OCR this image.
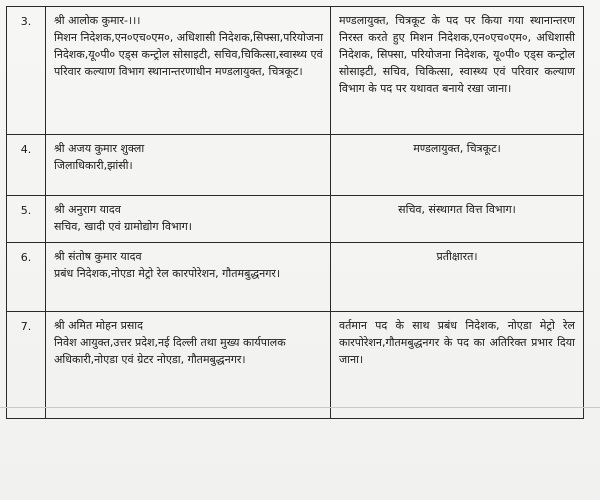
3.	श्री आलोक कुमार-।।।
मिशन निदेशक,एन०एच०एम०, अधिशासी निदेशक,सिफ्सा,परियोजना निदेशक,यू०पी० एड्स कन्ट्रोल सोसाइटी, सचिव,चिकित्सा,स्वास्थ्य एवं परिवार कल्याण विभाग स्थानान्तरणाधीन मण्डलायुक्त, चित्रकूट।	मण्डलायुक्त, चित्रकूट के पद पर किया गया स्थानान्तरण निरस्त करते हुए मिशन निदेशक,एन०एच०एम०, अधिशासी निदेशक, सिफ्सा, परियोजना निदेशक, यू०पी० एड्स कन्ट्रोल सोसाइटी, सचिव, चिकित्सा, स्वास्थ्य एवं परिवार कल्याण विभाग के पद पर यथावत बनाये रखा जाना।
4.	श्री अजय कुमार शुक्ला
जिलाधिकारी,झांसी।	मण्डलायुक्त, चित्रकूट।
5.	श्री अनुराग यादव
सचिव, खादी एवं ग्रामोद्योग विभाग।	सचिव, संस्थागत वित्त विभाग।
6.	श्री संतोष कुमार यादव
प्रबंध निदेशक,नोएडा मेट्रो रेल कारपोरेशन, गौतमबुद्धनगर।	प्रतीक्षारत।
7.	श्री अमित मोहन प्रसाद
निवेश आयुक्त,उत्तर प्रदेश,नई दिल्ली तथा मुख्य कार्यपालक अधिकारी,नोएडा एवं ग्रेटर नोएडा, गौतमबुद्धनगर।	वर्तमान पद के साथ प्रबंध निदेशक, नोएडा मेट्रो रेल कारपोरेशन,गौतमबुद्धनगर के पद का अतिरिक्त प्रभार दिया जाना।
